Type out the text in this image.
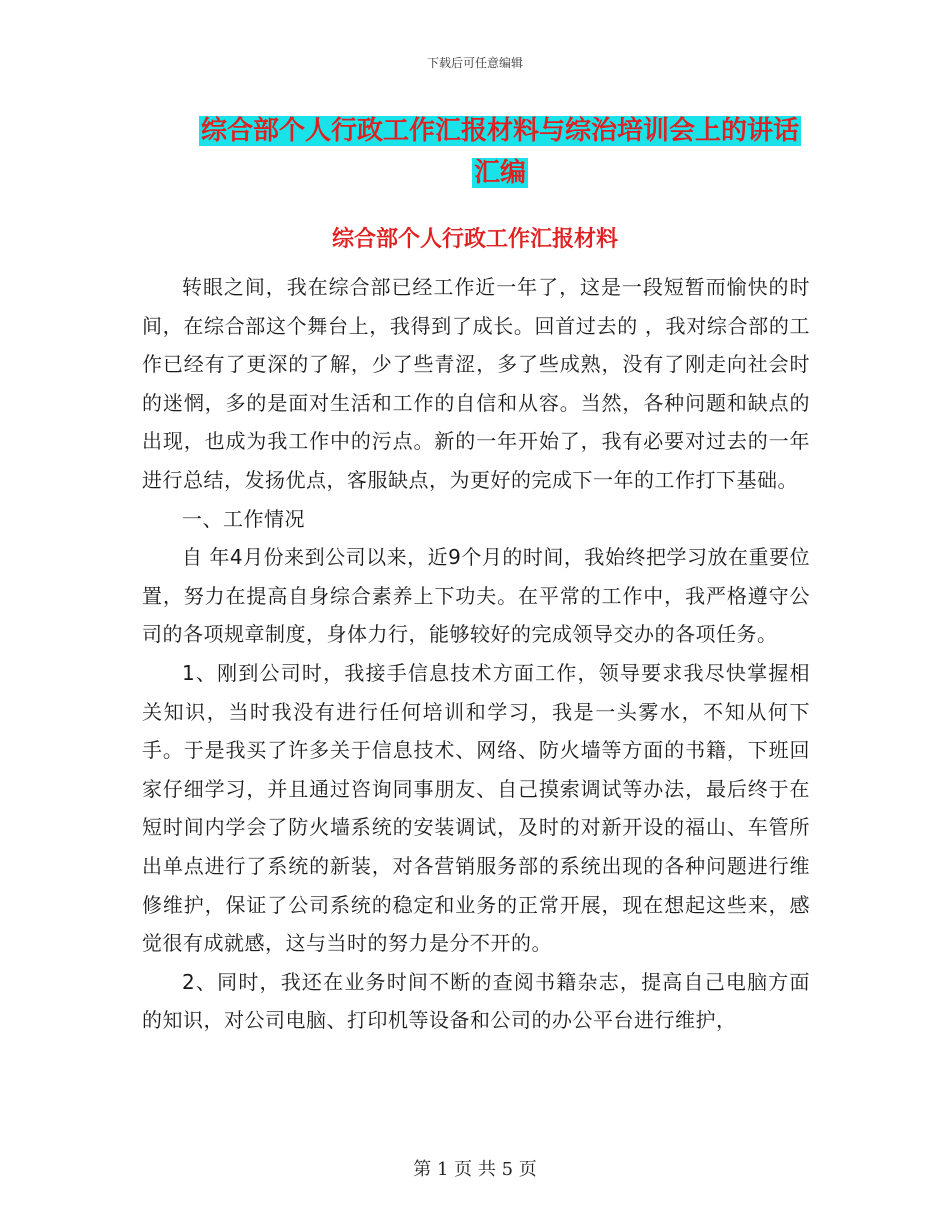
下载后可任意编辑
综合部个人行政工作汇报材料与综治培训会上的讲话
汇编
综合部个人行政工作汇报材料

转眼之间，我在综合部已经工作近一年了，这是一段短暂而愉快的时间，在综合部这个舞台上，我得到了成长。回首过去的 ，我对综合部的工作已经有了更深的了解，少了些青涩，多了些成熟，没有了刚走向社会时的迷惘，多的是面对生活和工作的自信和从容。当然，各种问题和缺点的出现，也成为我工作中的污点。新的一年开始了，我有必要对过去的一年进行总结，发扬优点，客服缺点，为更好的完成下一年的工作打下基础。

一、工作情况

自 年4月份来到公司以来，近9个月的时间，我始终把学习放在重要位置，努力在提高自身综合素养上下功夫。在平常的工作中，我严格遵守公司的各项规章制度，身体力行，能够较好的完成领导交办的各项任务。

1、刚到公司时，我接手信息技术方面工作，领导要求我尽快掌握相关知识，当时我没有进行任何培训和学习，我是一头雾水，不知从何下手。于是我买了许多关于信息技术、网络、防火墙等方面的书籍，下班回家仔细学习，并且通过咨询同事朋友、自己摸索调试等办法，最后终于在短时间内学会了防火墙系统的安装调试，及时的对新开设的福山、车管所出单点进行了系统的新装，对各营销服务部的系统出现的各种问题进行维修维护，保证了公司系统的稳定和业务的正常开展，现在想起这些来，感觉很有成就感，这与当时的努力是分不开的。

2、同时，我还在业务时间不断的查阅书籍杂志，提高自己电脑方面的知识，对公司电脑、打印机等设备和公司的办公平台进行维护，

第 1 页 共 5 页
